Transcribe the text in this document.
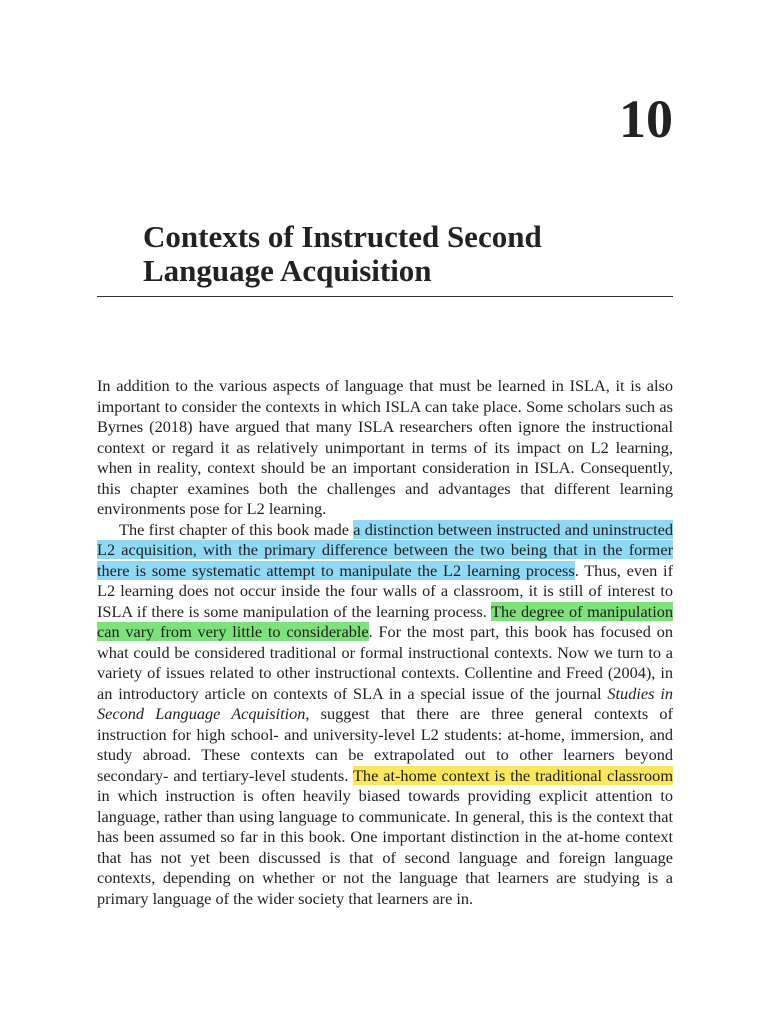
10
Contexts of Instructed Second Language Acquisition

In addition to the various aspects of language that must be learned in ISLA, it is also important to consider the contexts in which ISLA can take place. Some scholars such as Byrnes (2018) have argued that many ISLA researchers often ignore the instructional context or regard it as relatively unimportant in terms of its impact on L2 learning, when in reality, context should be an important consideration in ISLA. Consequently, this chapter examines both the challenges and advantages that different learning environments pose for L2 learning.

The first chapter of this book made a distinction between instructed and uninstructed L2 acquisition, with the primary difference between the two being that in the former there is some systematic attempt to manipulate the L2 learning process. Thus, even if L2 learning does not occur inside the four walls of a classroom, it is still of interest to ISLA if there is some manipulation of the learning process. The degree of manipulation can vary from very little to considerable. For the most part, this book has focused on what could be considered traditional or formal instructional contexts. Now we turn to a variety of issues related to other instructional contexts. Collentine and Freed (2004), in an introductory article on contexts of SLA in a special issue of the journal Studies in Second Language Acquisition, suggest that there are three general contexts of instruction for high school- and university-level L2 students: at-home, immersion, and study abroad. These contexts can be extrapolated out to other learners beyond secondary- and tertiary-level students. The at-home context is the traditional classroom in which instruction is often heavily biased towards providing explicit attention to language, rather than using language to communicate. In general, this is the context that has been assumed so far in this book. One important distinction in the at-home context that has not yet been discussed is that of second language and foreign language contexts, depending on whether or not the language that learners are studying is a primary language of the wider society that learners are in.
